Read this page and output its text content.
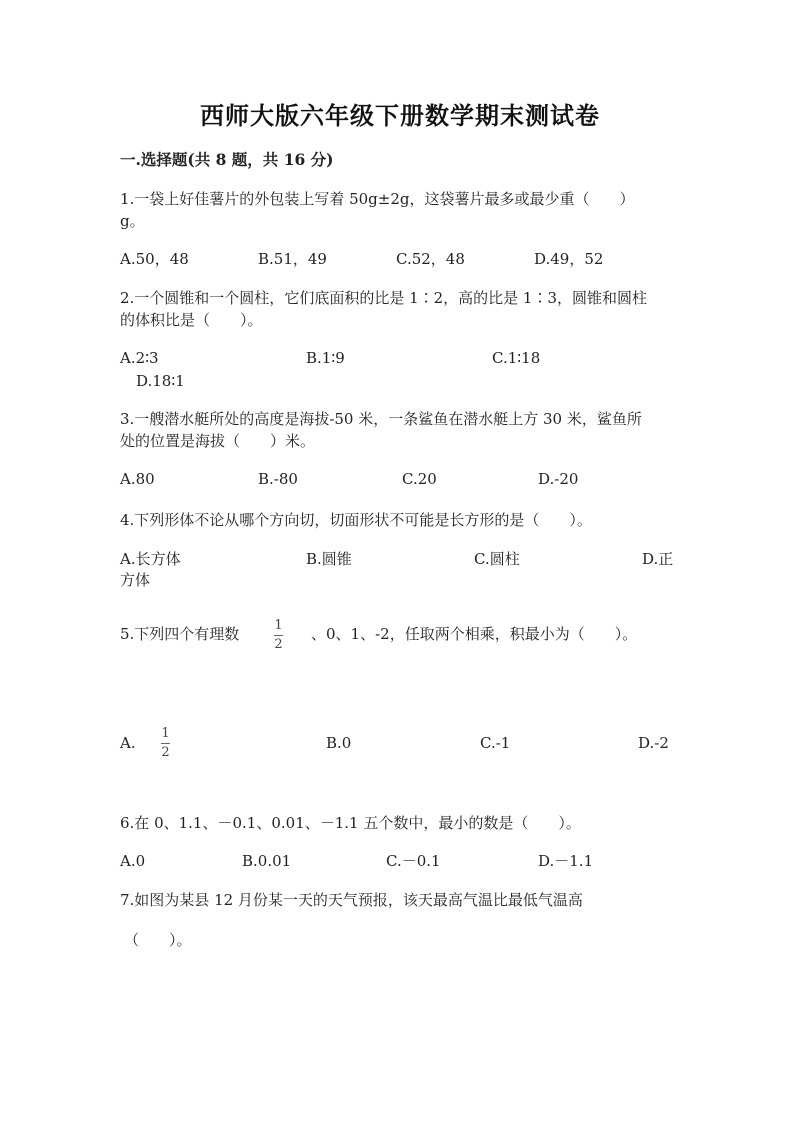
西师大版六年级下册数学期末测试卷
一.选择题(共 8 题，共 16 分)
1.一袋上好佳薯片的外包装上写着 50g±2g，这袋薯片最多或最少重（　　）
g。
A.50，48	B.51，49	C.52，48	D.49，52
2.一个圆锥和一个圆柱，它们底面积的比是 1∶2，高的比是 1∶3，圆锥和圆柱
的体积比是（　　）。
A.2∶3	B.1∶9	C.1∶18
D.18∶1
3.一艘潜水艇所处的高度是海拔-50 米，一条鲨鱼在潜水艇上方 30 米，鲨鱼所
处的位置是海拔（　　）米。
A.80	B.-80	C.20	D.-20
4.下列形体不论从哪个方向切，切面形状不可能是长方形的是（　　）。
A.长方体	B.圆锥	C.圆柱	D.正
方体
5.下列四个有理数	1
2
、0、1、-2，任取两个相乘，积最小为（　　）。
A.
1
2
B.0	C.-1	D.-2
6.在 0、1.1、－0.1、0.01、－1.1 五个数中，最小的数是（　　）。
A.0	B.0.01	C.－0.1	D.－1.1
7.如图为某县 12 月份某一天的天气预报，该天最高气温比最低气温高
（　　）。
